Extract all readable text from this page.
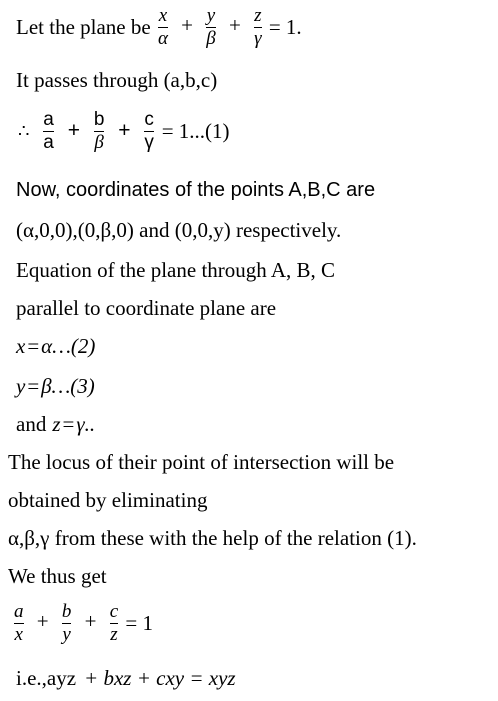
Let the plane be $\frac{x}{\alpha} + \frac{y}{\beta} + \frac{z}{\gamma} = 1$.
It passes through (a,b,c)
∴ $\frac{a}{a} + \frac{b}{\beta} + \frac{c}{\gamma} = 1...(1)$
Now, coordinates of the points A,B,C are
(α,0,0),(0,β,0) and (0,0,y) respectively.
Equation of the plane through A, B, C
parallel to coordinate plane are
x=α…(2)
y=β…(3)
and z=γ..
The locus of their point of intersection will be
obtained by eliminating
α,β,γ from these with the help of the relation (1).
We thus get
$\frac{a}{x} + \frac{b}{y} + \frac{c}{z} = 1$
i.e.,ayz + bxz + cxy = xyz
